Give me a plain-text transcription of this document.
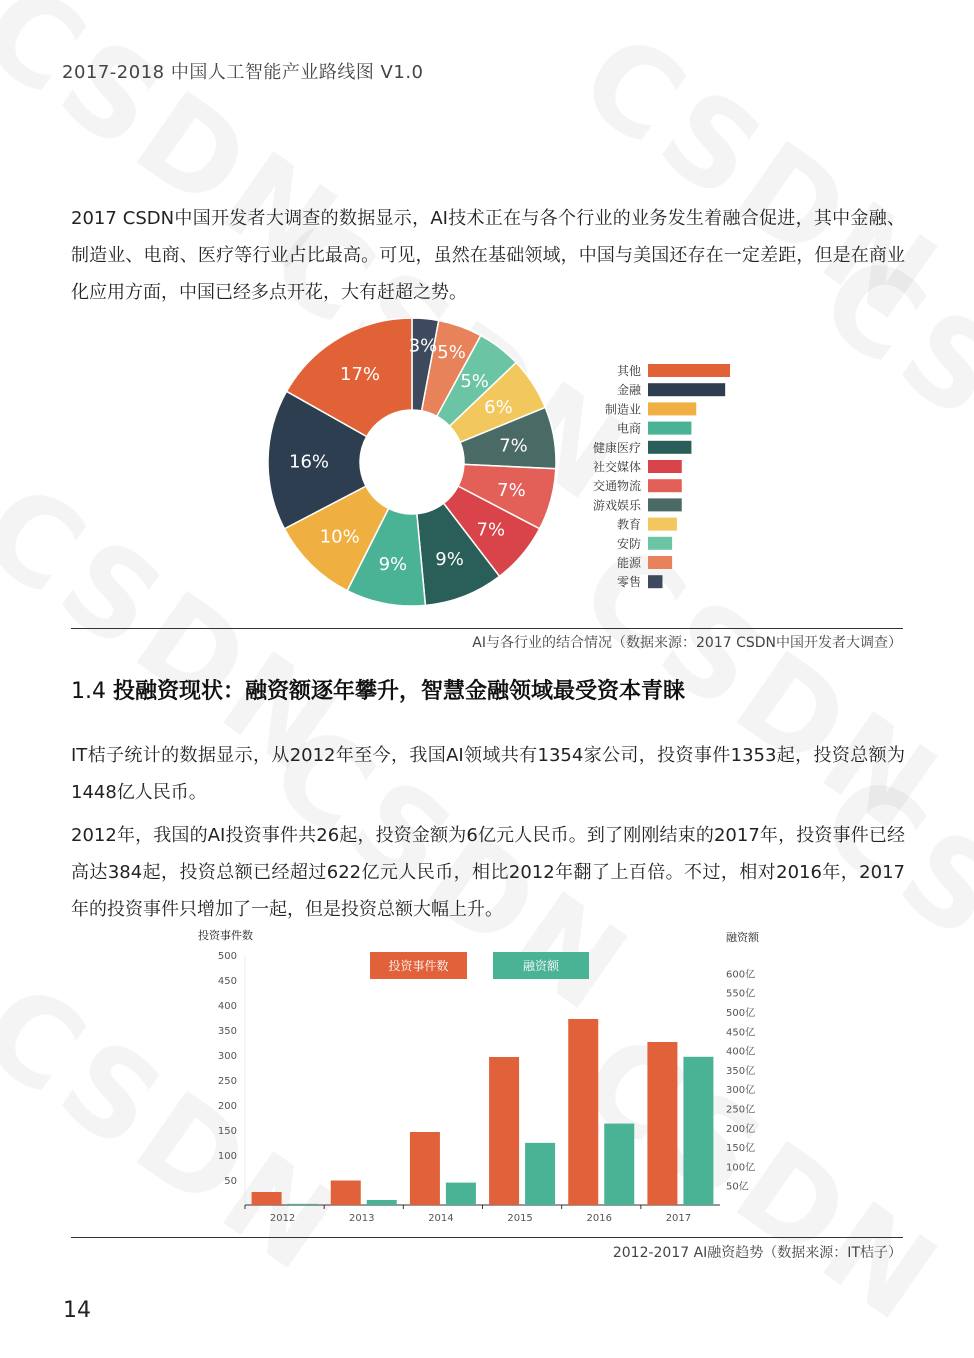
2017-2018 中国人工智能产业路线图 V1.0
2017 CSDN中国开发者大调查的数据显示，AI技术正在与各个行业的业务发生着融合促进，其中金融、制造业、电商、医疗等行业占比最高。可见，虽然在基础领域，中国与美国还存在一定差距，但是在商业化应用方面，中国已经多点开花，大有赶超之势。
3% 5%
5%
6%
7%
7%
7%
9%
9%
10%
16%
17%	其他
金融
制造业
电商
健康医疗
社交媒体
交通物流
游戏娱乐
教育
安防
能源
零售
AI与各行业的结合情况（数据来源：2017 CSDN中国开发者大调查）
1.4 投融资现状：融资额逐年攀升，智慧金融领域最受资本青睐
IT桔子统计的数据显示，从2012年至今，我国AI领域共有1354家公司，投资事件1353起，投资总额为1448亿人民币。
2012年，我国的AI投资事件共26起，投资金额为6亿元人民币。到了刚刚结束的2017年，投资事件已经高达384起，投资总额已经超过622亿元人民币，相比2012年翻了上百倍。不过，相对2016年，2017年的投资事件只增加了一起，但是投资总额大幅上升。
投资事件数	融资额
50
100
150
200
250
300
350
400
450
500
50亿
100亿
150亿
200亿
250亿
300亿
350亿
400亿
450亿
500亿
550亿
600亿
2012	2013	2014	2015	2016	2017
投资事件数	融资额
2012-2017 AI融资趋势（数据来源：IT桔子）
14
